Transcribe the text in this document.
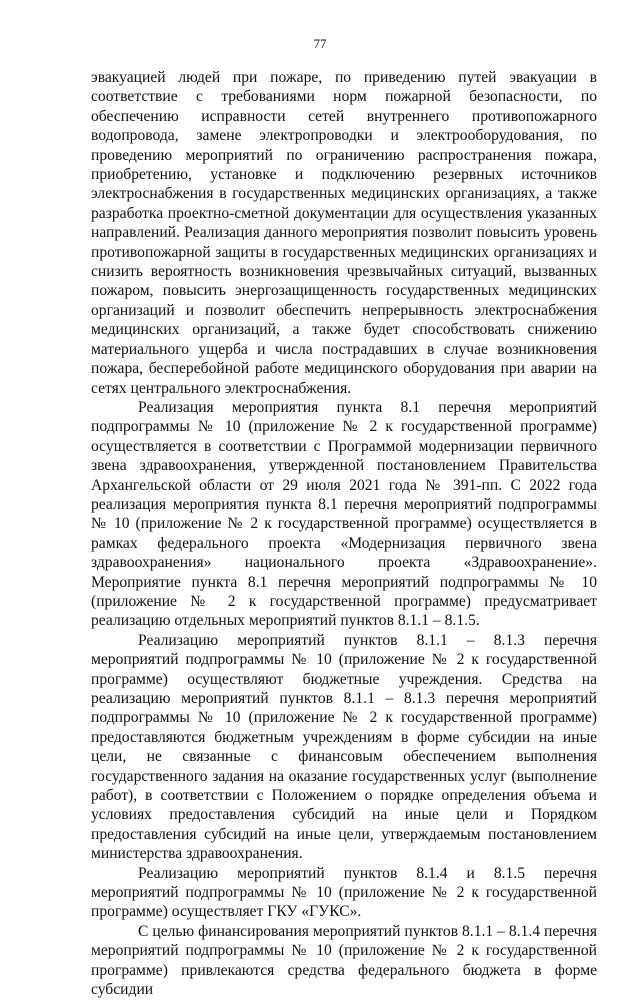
77

эвакуацией людей при пожаре, по приведению путей эвакуации в соответствие с требованиями норм пожарной безопасности, по обеспечению исправности сетей внутреннего противопожарного водопровода, замене электропроводки и электрооборудования, по проведению мероприятий по ограничению распространения пожара, приобретению, установке и подключению резервных источников электроснабжения в государственных медицинских организациях, а также разработка проектно-сметной документации для осуществления указанных направлений. Реализация данного мероприятия позволит повысить уровень противопожарной защиты в государственных медицинских организациях и снизить вероятность возникновения чрезвычайных ситуаций, вызванных пожаром, повысить энергозащищенность государственных медицинских организаций и позволит обеспечить непрерывность электроснабжения медицинских организаций, а также будет способствовать снижению материального ущерба и числа пострадавших в случае возникновения пожара, бесперебойной работе медицинского оборудования при аварии на сетях центрального электроснабжения.

Реализация мероприятия пункта 8.1 перечня мероприятий подпрограммы № 10 (приложение № 2 к государственной программе) осуществляется в соответствии с Программой модернизации первичного звена здравоохранения, утвержденной постановлением Правительства Архангельской области от 29 июля 2021 года № 391-пп. С 2022 года реализация мероприятия пункта 8.1 перечня мероприятий подпрограммы № 10 (приложение № 2 к государственной программе) осуществляется в рамках федерального проекта «Модернизация первичного звена здравоохранения» национального проекта «Здравоохранение». Мероприятие пункта 8.1 перечня мероприятий подпрограммы № 10 (приложение № 2 к государственной программе) предусматривает реализацию отдельных мероприятий пунктов 8.1.1 – 8.1.5.

Реализацию мероприятий пунктов 8.1.1 – 8.1.3 перечня мероприятий подпрограммы № 10 (приложение № 2 к государственной программе) осуществляют бюджетные учреждения. Средства на реализацию мероприятий пунктов 8.1.1 – 8.1.3 перечня мероприятий подпрограммы № 10 (приложение № 2 к государственной программе) предоставляются бюджетным учреждениям в форме субсидии на иные цели, не связанные с финансовым обеспечением выполнения государственного задания на оказание государственных услуг (выполнение работ), в соответствии с Положением о порядке определения объема и условиях предоставления субсидий на иные цели и Порядком предоставления субсидий на иные цели, утверждаемым постановлением министерства здравоохранения.

Реализацию мероприятий пунктов 8.1.4 и 8.1.5 перечня мероприятий подпрограммы № 10 (приложение № 2 к государственной программе) осуществляет ГКУ «ГУКС».

С целью финансирования мероприятий пунктов 8.1.1 – 8.1.4 перечня мероприятий подпрограммы № 10 (приложение № 2 к государственной программе) привлекаются средства федерального бюджета в форме субсидии
